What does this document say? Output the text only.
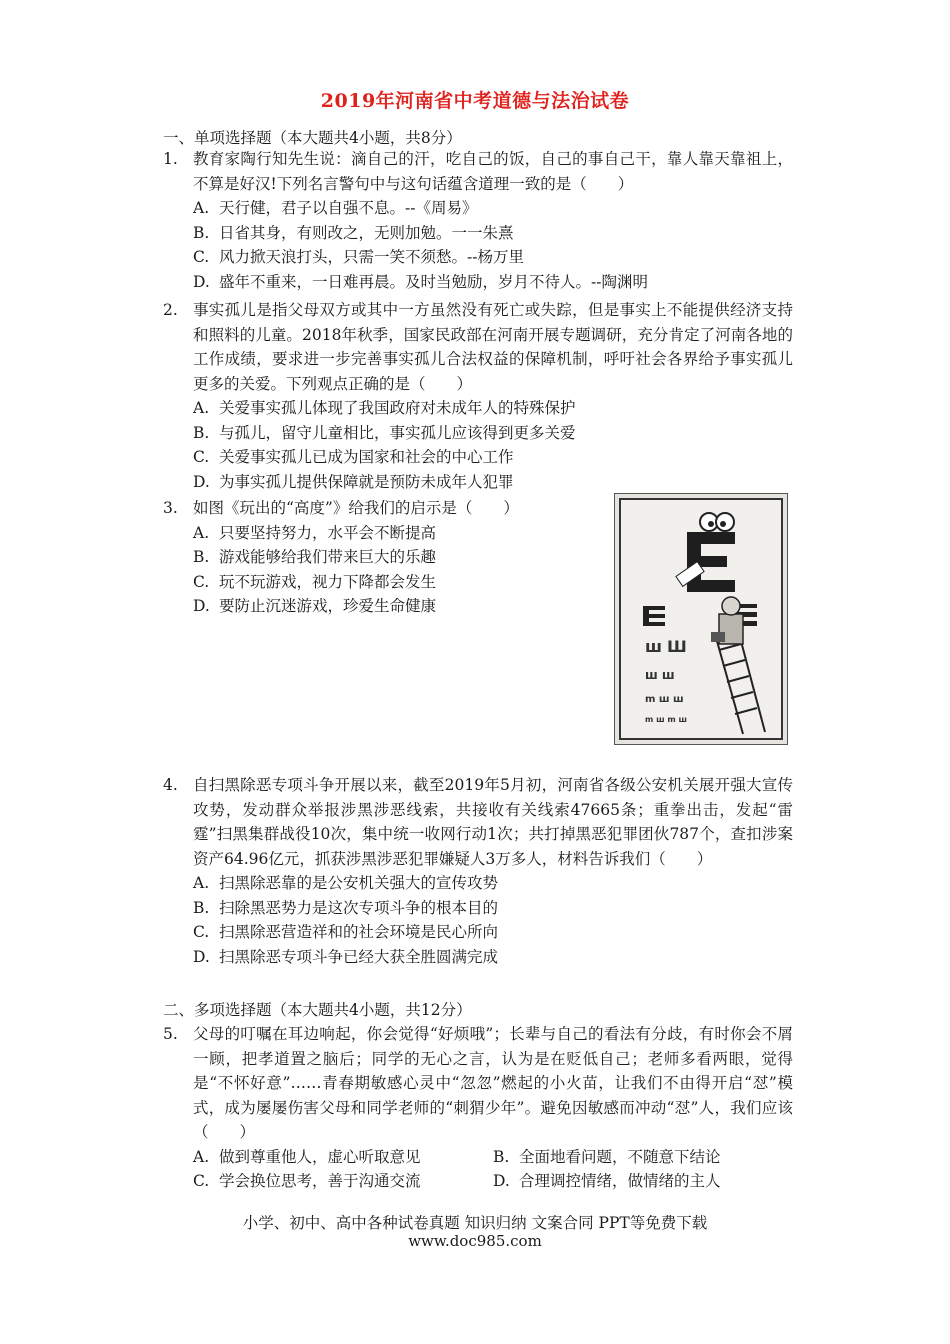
2019年河南省中考道德与法治试卷
一、单项选择题（本大题共4小题，共8分）
1. 教育家陶行知先生说：滴自己的汗，吃自己的饭，自己的事自己干，靠人靠天靠祖上，不算是好汉!下列名言警句中与这句话蕴含道理一致的是（　　）
A. 天行健，君子以自强不息。--《周易》
B. 日省其身，有则改之，无则加勉。一一朱熹
C. 风力掀天浪打头，只需一笑不须愁。--杨万里
D. 盛年不重来，一日难再晨。及时当勉励，岁月不待人。--陶渊明
2. 事实孤儿是指父母双方或其中一方虽然没有死亡或失踪，但是事实上不能提供经济支持和照料的儿童。2018年秋季，国家民政部在河南开展专题调研，充分肯定了河南各地的工作成绩，要求进一步完善事实孤儿合法权益的保障机制，呼吁社会各界给予事实孤儿更多的关爱。下列观点正确的是（　　）
A. 关爱事实孤儿体现了我国政府对未成年人的特殊保护
B. 与孤儿，留守儿童相比，事实孤儿应该得到更多关爱
C. 关爱事实孤儿已成为国家和社会的中心工作
D. 为事实孤儿提供保障就是预防未成年人犯罪
3. 如图《玩出的“高度”》给我们的启示是（　　）
A. 只要坚持努力，水平会不断提高
B. 游戏能够给我们带来巨大的乐趣
C. 玩不玩游戏，视力下降都会发生
D. 要防止沉迷游戏，珍爱生命健康
ш Ш
ш ш
m ш ш
m ш m ш
4. 自扫黑除恶专项斗争开展以来，截至2019年5月初，河南省各级公安机关展开强大宣传攻势，发动群众举报涉黑涉恶线索，共接收有关线索47665条；重拳出击，发起“雷霆”扫黑集群战役10次，集中统一收网行动1次；共打掉黑恶犯罪团伙787个，查扣涉案资产64.96亿元，抓获涉黑涉恶犯罪嫌疑人3万多人，材料告诉我们（　　）
A. 扫黑除恶靠的是公安机关强大的宣传攻势
B. 扫除黑恶势力是这次专项斗争的根本目的
C. 扫黑除恶营造祥和的社会环境是民心所向
D. 扫黑除恶专项斗争已经大获全胜圆满完成
二、多项选择题（本大题共4小题，共12分）
5. 父母的叮嘱在耳边响起，你会觉得“好烦哦”；长辈与自己的看法有分歧，有时你会不屑一顾，把孝道置之脑后；同学的无心之言，认为是在贬低自己；老师多看两眼，觉得是“不怀好意”……青春期敏感心灵中“忽忽”燃起的小火苗，让我们不由得开启“怼”模式，成为屡屡伤害父母和同学老师的“刺猬少年”。避免因敏感而冲动“怼”人，我们应该（　　）
A. 做到尊重他人，虚心听取意见	B. 全面地看问题，不随意下结论
C. 学会换位思考，善于沟通交流	D. 合理调控情绪，做情绪的主人
小学、初中、高中各种试卷真题 知识归纳 文案合同 PPT等免费下载
www.doc985.com
